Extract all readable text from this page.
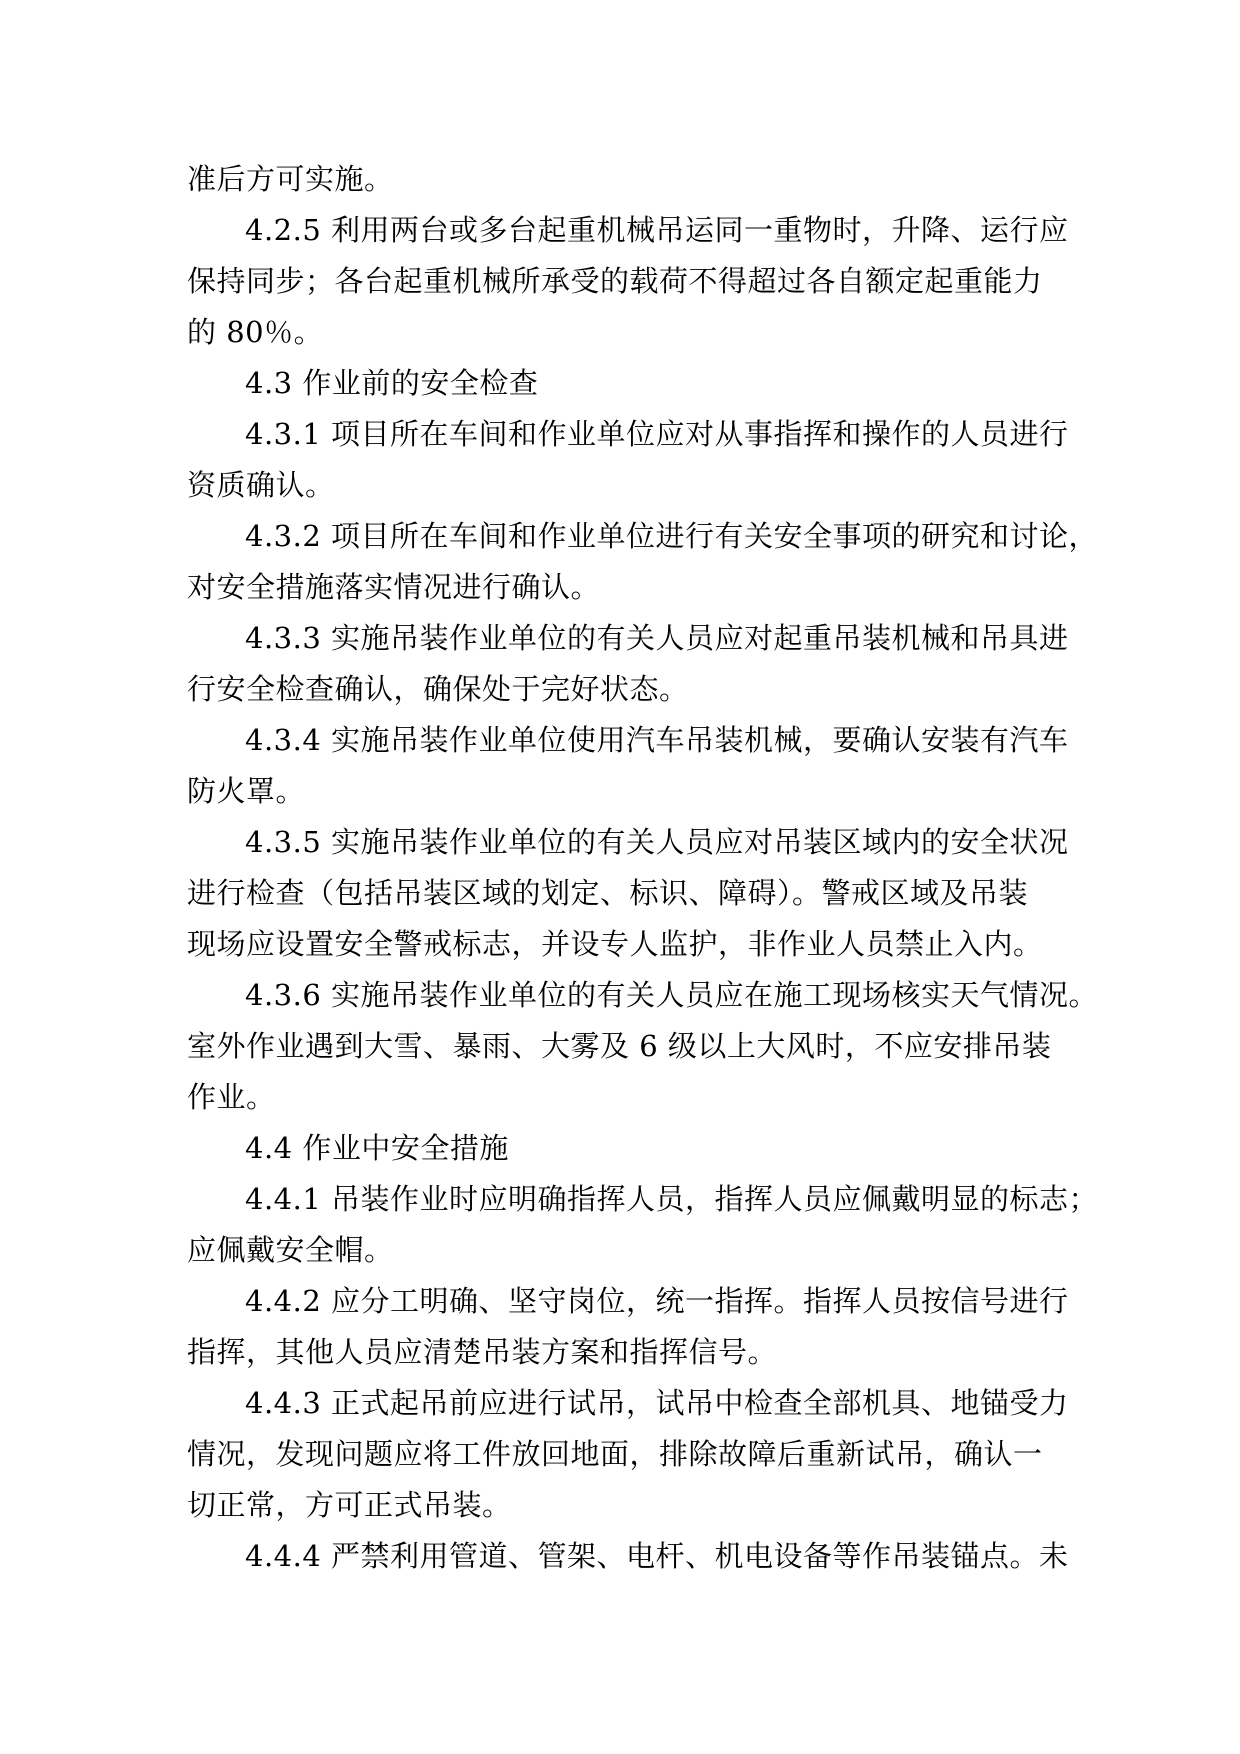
准后方可实施。

4.2.5 利用两台或多台起重机械吊运同一重物时，升降、运行应

保持同步；各台起重机械所承受的载荷不得超过各自额定起重能力

的 80％。

4.3 作业前的安全检查

4.3.1 项目所在车间和作业单位应对从事指挥和操作的人员进行

资质确认。

4.3.2 项目所在车间和作业单位进行有关安全事项的研究和讨论，

对安全措施落实情况进行确认。

4.3.3 实施吊装作业单位的有关人员应对起重吊装机械和吊具进

行安全检查确认，确保处于完好状态。

4.3.4 实施吊装作业单位使用汽车吊装机械，要确认安装有汽车

防火罩。

4.3.5 实施吊装作业单位的有关人员应对吊装区域内的安全状况

进行检查（包括吊装区域的划定、标识、障碍）。警戒区域及吊装

现场应设置安全警戒标志，并设专人监护，非作业人员禁止入内。

4.3.6 实施吊装作业单位的有关人员应在施工现场核实天气情况。

室外作业遇到大雪、暴雨、大雾及 6 级以上大风时，不应安排吊装

作业。

4.4 作业中安全措施

4.4.1 吊装作业时应明确指挥人员，指挥人员应佩戴明显的标志；

应佩戴安全帽。

4.4.2 应分工明确、坚守岗位，统一指挥。指挥人员按信号进行

指挥，其他人员应清楚吊装方案和指挥信号。

4.4.3 正式起吊前应进行试吊，试吊中检查全部机具、地锚受力

情况，发现问题应将工件放回地面，排除故障后重新试吊，确认一

切正常，方可正式吊装。

4.4.4 严禁利用管道、管架、电杆、机电设备等作吊装锚点。未
